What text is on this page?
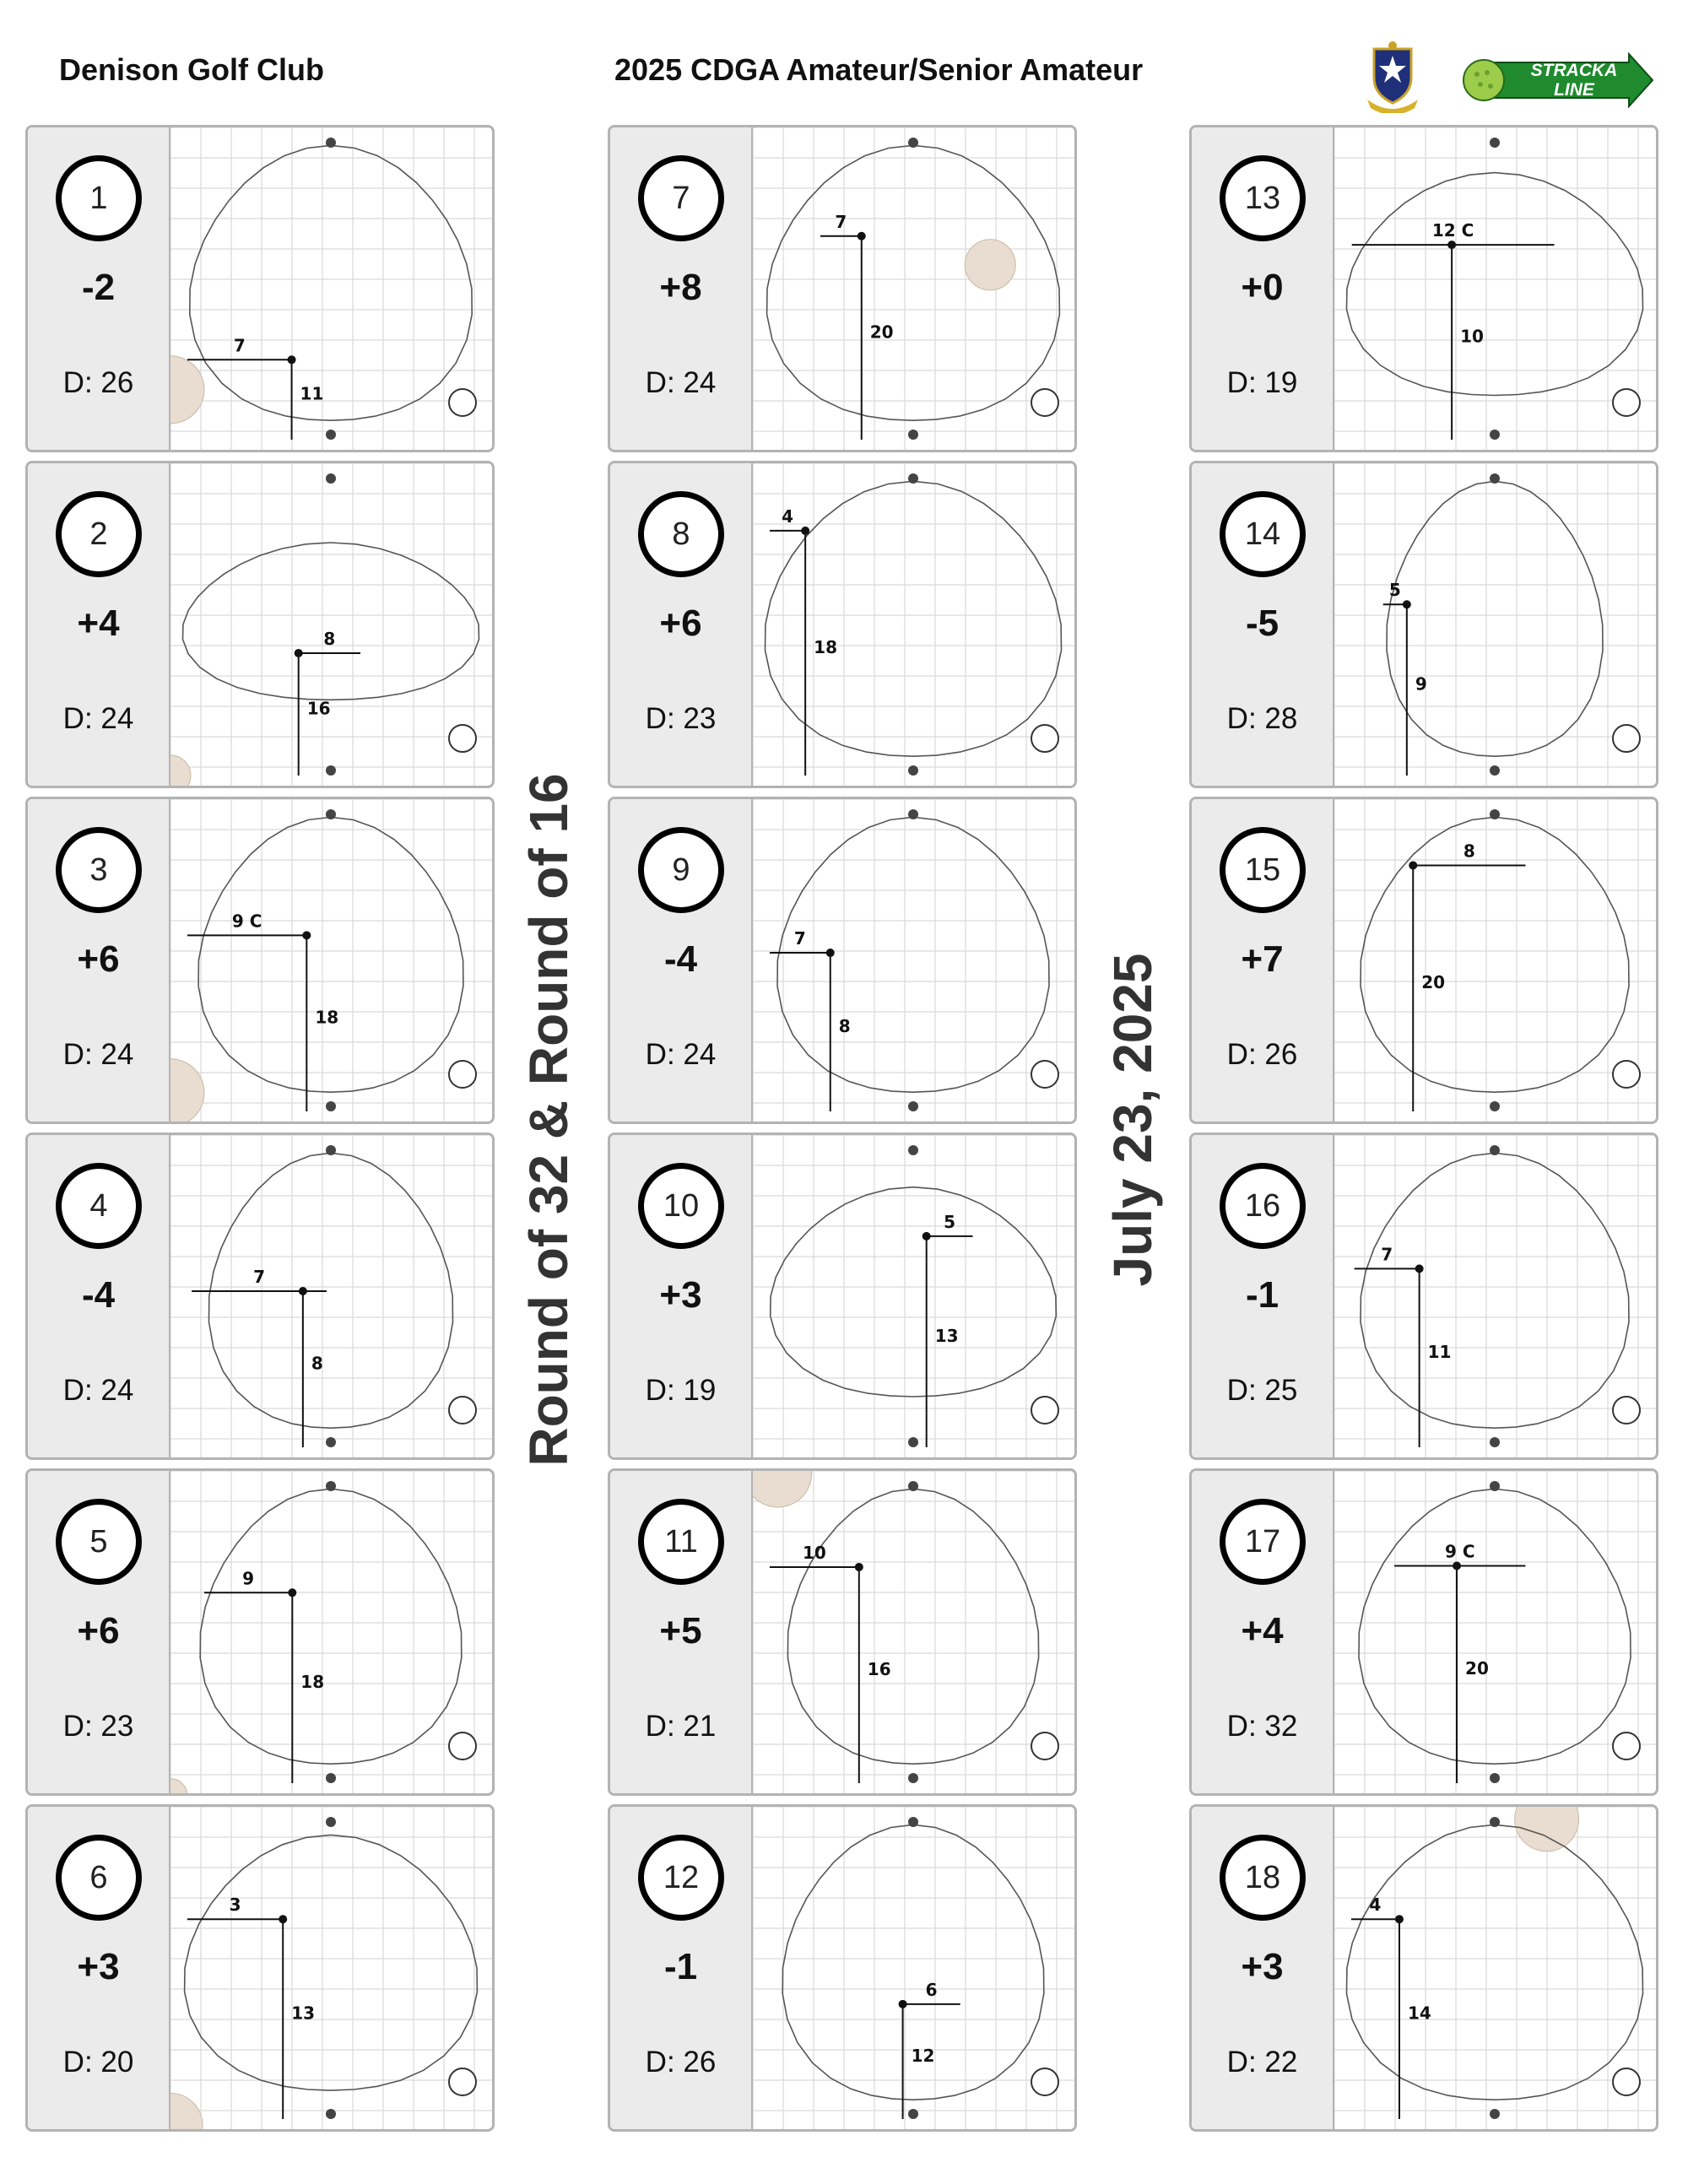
Denison Golf Club	2025 CDGA Amateur/Senior Amateur	STRACKA LINE
Round of 32 & Round of 16	July 23, 2025
1
-2
D: 26
7
11
2
+4
D: 24
8
16
3
+6
D: 24
9 C
18
4
-4
D: 24
7
8
5
+6
D: 23
9
18
6
+3
D: 20
3
13
7
+8
D: 24
7
20
8
+6
D: 23
4
18
9
-4
D: 24
7
8
10
+3
D: 19
5
13
11
+5
D: 21
10
16
12
-1
D: 26
6
12
13
+0
D: 19
12 C
10
14
-5
D: 28
5
9
15
+7
D: 26
8
20
16
-1
D: 25
7
11
17
+4
D: 32
9 C
20
18
+3
D: 22
4
14
